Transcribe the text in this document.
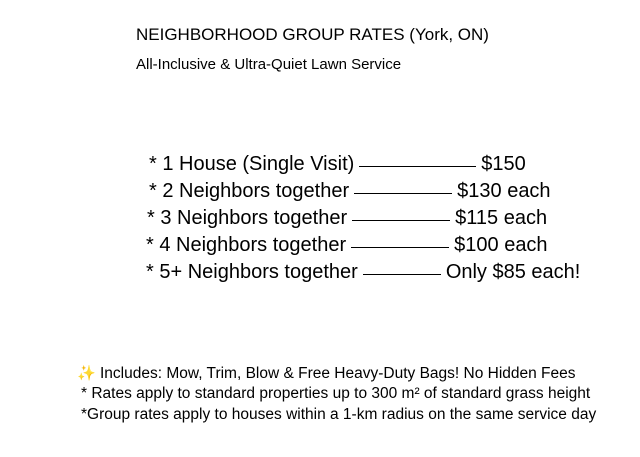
NEIGHBORHOOD GROUP RATES (York, ON)
All-Inclusive & Ultra-Quiet Lawn Service
* 1 House (Single Visit)	$150
* 2 Neighbors together	$130 each
* 3 Neighbors together	$115 each
* 4 Neighbors together	$100 each
* 5+ Neighbors together	Only $85 each!
✨ Includes: Mow, Trim, Blow & Free Heavy-Duty Bags! No Hidden Fees
* Rates apply to standard properties up to 300 m² of standard grass height
*Group rates apply to houses within a 1-km radius on the same service day
